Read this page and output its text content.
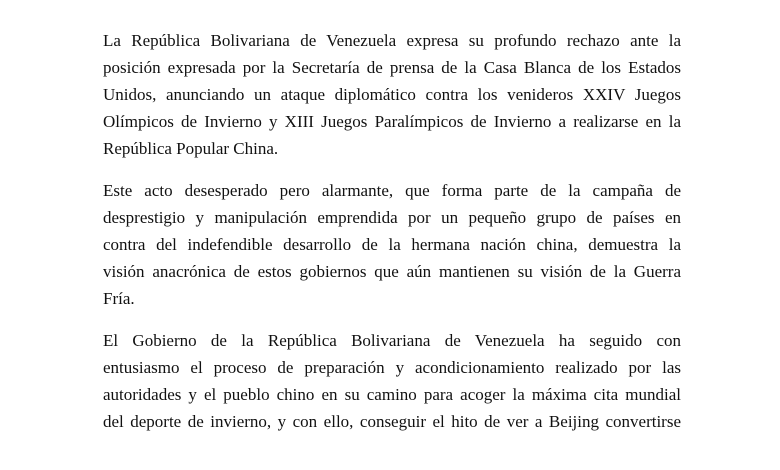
La República Bolivariana de Venezuela expresa su profundo rechazo ante la
posición expresada por la Secretaría de prensa de la Casa Blanca de los Estados
Unidos, anunciando un ataque diplomático contra los venideros XXIV Juegos
Olímpicos de Invierno y XIII Juegos Paralímpicos de Invierno a realizarse en la
República Popular China.

Este acto desesperado pero alarmante, que forma parte de la campaña de
desprestigio y manipulación emprendida por un pequeño grupo de países en
contra del indefendible desarrollo de la hermana nación china, demuestra la
visión anacrónica de estos gobiernos que aún mantienen su visión de la Guerra
Fría.

El Gobierno de la República Bolivariana de Venezuela ha seguido con
entusiasmo el proceso de preparación y acondicionamiento realizado por las
autoridades y el pueblo chino en su camino para acoger la máxima cita mundial
del deporte de invierno, y con ello, conseguir el hito de ver a Beijing convertirse
